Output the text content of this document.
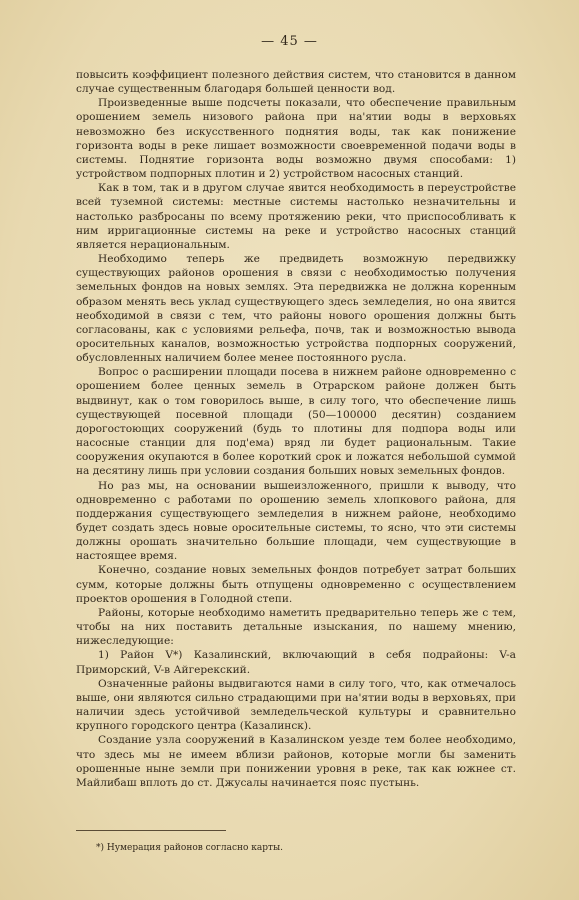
— 45 —

повысить коэффициент полезного действия систем, что становится в данном случае существенным благодаря большей ценности вод.

Произведенные выше подсчеты показали, что обеспечение правильным орошением земель низового района при на'ятии воды в верховьях невозможно без искусственного поднятия воды, так как понижение горизонта воды в реке лишает возможности своевременной подачи воды в системы. Поднятие горизонта воды возможно двумя способами: 1) устройством подпорных плотин и 2) устройством насосных станций.

Как в том, так и в другом случае явится необходимость в переустройстве всей туземной системы: местные системы настолько незначительны и настолько разбросаны по всему протяжению реки, что приспособливать к ним ирригационные системы на реке и устройство насосных станций является нерациональным.

Необходимо теперь же предвидеть возможную передвижку существующих районов орошения в связи с необходимостью получения земельных фондов на новых землях. Эта передвижка не должна коренным образом менять весь уклад существующего здесь земледелия, но она явится необходимой в связи с тем, что районы нового орошения должны быть согласованы, как с условиями рельефа, почв, так и возможностью вывода оросительных каналов, возможностью устройства подпорных сооружений, обусловленных наличием более менее постоянного русла.

Вопрос о расширении площади посева в нижнем районе одновременно с орошением более ценных земель в Отрарском районе должен быть выдвинут, как о том говорилось выше, в силу того, что обеспечение лишь существующей посевной площади (50—100000 десятин) созданием дорогостоющих сооружений (будь то плотины для подпора воды или насосные станции для под'ема) вряд ли будет рациональным. Такие сооружения окупаются в более короткий срок и ложатся небольшой суммой на десятину лишь при условии создания больших новых земельных фондов.

Но раз мы, на основании вышеизложенного, пришли к выводу, что одновременно с работами по орошению земель хлопкового района, для поддержания существующего земледелия в нижнем районе, необходимо будет создать здесь новые оросительные системы, то ясно, что эти системы должны орошать значительно большие площади, чем существующие в настоящее время.

Конечно, создание новых земельных фондов потребует затрат больших сумм, которые должны быть отпущены одновременно с осуществлением проектов орошения в Голодной степи.

Районы, которые необходимо наметить предварительно теперь же с тем, чтобы на них поставить детальные изыскания, по нашему мнению, нижеследующие:

1) Район V*) Казалинский, включающий в себя подрайоны: V-а Приморский, V-в Айгерекский.

Означенные районы выдвигаются нами в силу того, что, как отмечалось выше, они являются сильно страдающими при на'ятии воды в верховьях, при наличии здесь устойчивой земледельческой культуры и сравнительно крупного городского центра (Казалинск).

Создание узла сооружений в Казалинском уезде тем более необходимо, что здесь мы не имеем вблизи районов, которые могли бы заменить орошенные ныне земли при понижении уровня в реке, так как южнее ст. Майлибаш вплоть до ст. Джусалы начинается пояс пустынь.

*) Нумерация районов согласно карты.
